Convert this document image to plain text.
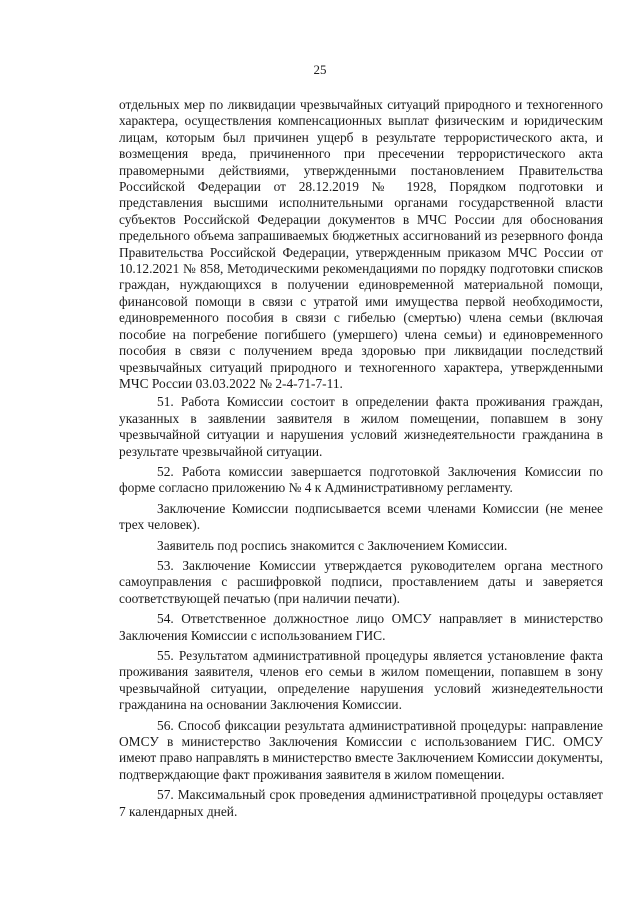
25

отдельных мер по ликвидации чрезвычайных ситуаций природного и техногенного характера, осуществления компенсационных выплат физическим и юридическим лицам, которым был причинен ущерб в результате террористического акта, и возмещения вреда, причиненного при пресечении террористического акта правомерными действиями, утвержденными постановлением Правительства Российской Федерации от 28.12.2019 № 1928, Порядком подготовки и представления высшими исполнительными органами государственной власти субъектов Российской Федерации документов в МЧС России для обоснования предельного объема запрашиваемых бюджетных ассигнований из резервного фонда Правительства Российской Федерации, утвержденным приказом МЧС России от 10.12.2021 № 858, Методическими рекомендациями по порядку подготовки списков граждан, нуждающихся в получении единовременной материальной помощи, финансовой помощи в связи с утратой ими имущества первой необходимости, единовременного пособия в связи с гибелью (смертью) члена семьи (включая пособие на погребение погибшего (умершего) члена семьи) и единовременного пособия в связи с получением вреда здоровью при ликвидации последствий чрезвычайных ситуаций природного и техногенного характера, утвержденными МЧС России 03.03.2022 № 2-4-71-7-11.

51. Работа Комиссии состоит в определении факта проживания граждан, указанных в заявлении заявителя в жилом помещении, попавшем в зону чрезвычайной ситуации и нарушения условий жизнедеятельности гражданина в результате чрезвычайной ситуации.

52. Работа комиссии завершается подготовкой Заключения Комиссии по форме согласно приложению № 4 к Административному регламенту.

Заключение Комиссии подписывается всеми членами Комиссии (не менее трех человек).

Заявитель под роспись знакомится с Заключением Комиссии.

53. Заключение Комиссии утверждается руководителем органа местного самоуправления с расшифровкой подписи, проставлением даты и заверяется соответствующей печатью (при наличии печати).

54. Ответственное должностное лицо ОМСУ направляет в министерство Заключения Комиссии с использованием ГИС.

55. Результатом административной процедуры является установление факта проживания заявителя, членов его семьи в жилом помещении, попавшем в зону чрезвычайной ситуации, определение нарушения условий жизнедеятельности гражданина на основании Заключения Комиссии.

56. Способ фиксации результата административной процедуры: направление ОМСУ в министерство Заключения Комиссии с использованием ГИС. ОМСУ имеют право направлять в министерство вместе Заключением Комиссии документы, подтверждающие факт проживания заявителя в жилом помещении.

57. Максимальный срок проведения административной процедуры оставляет 7 календарных дней.
